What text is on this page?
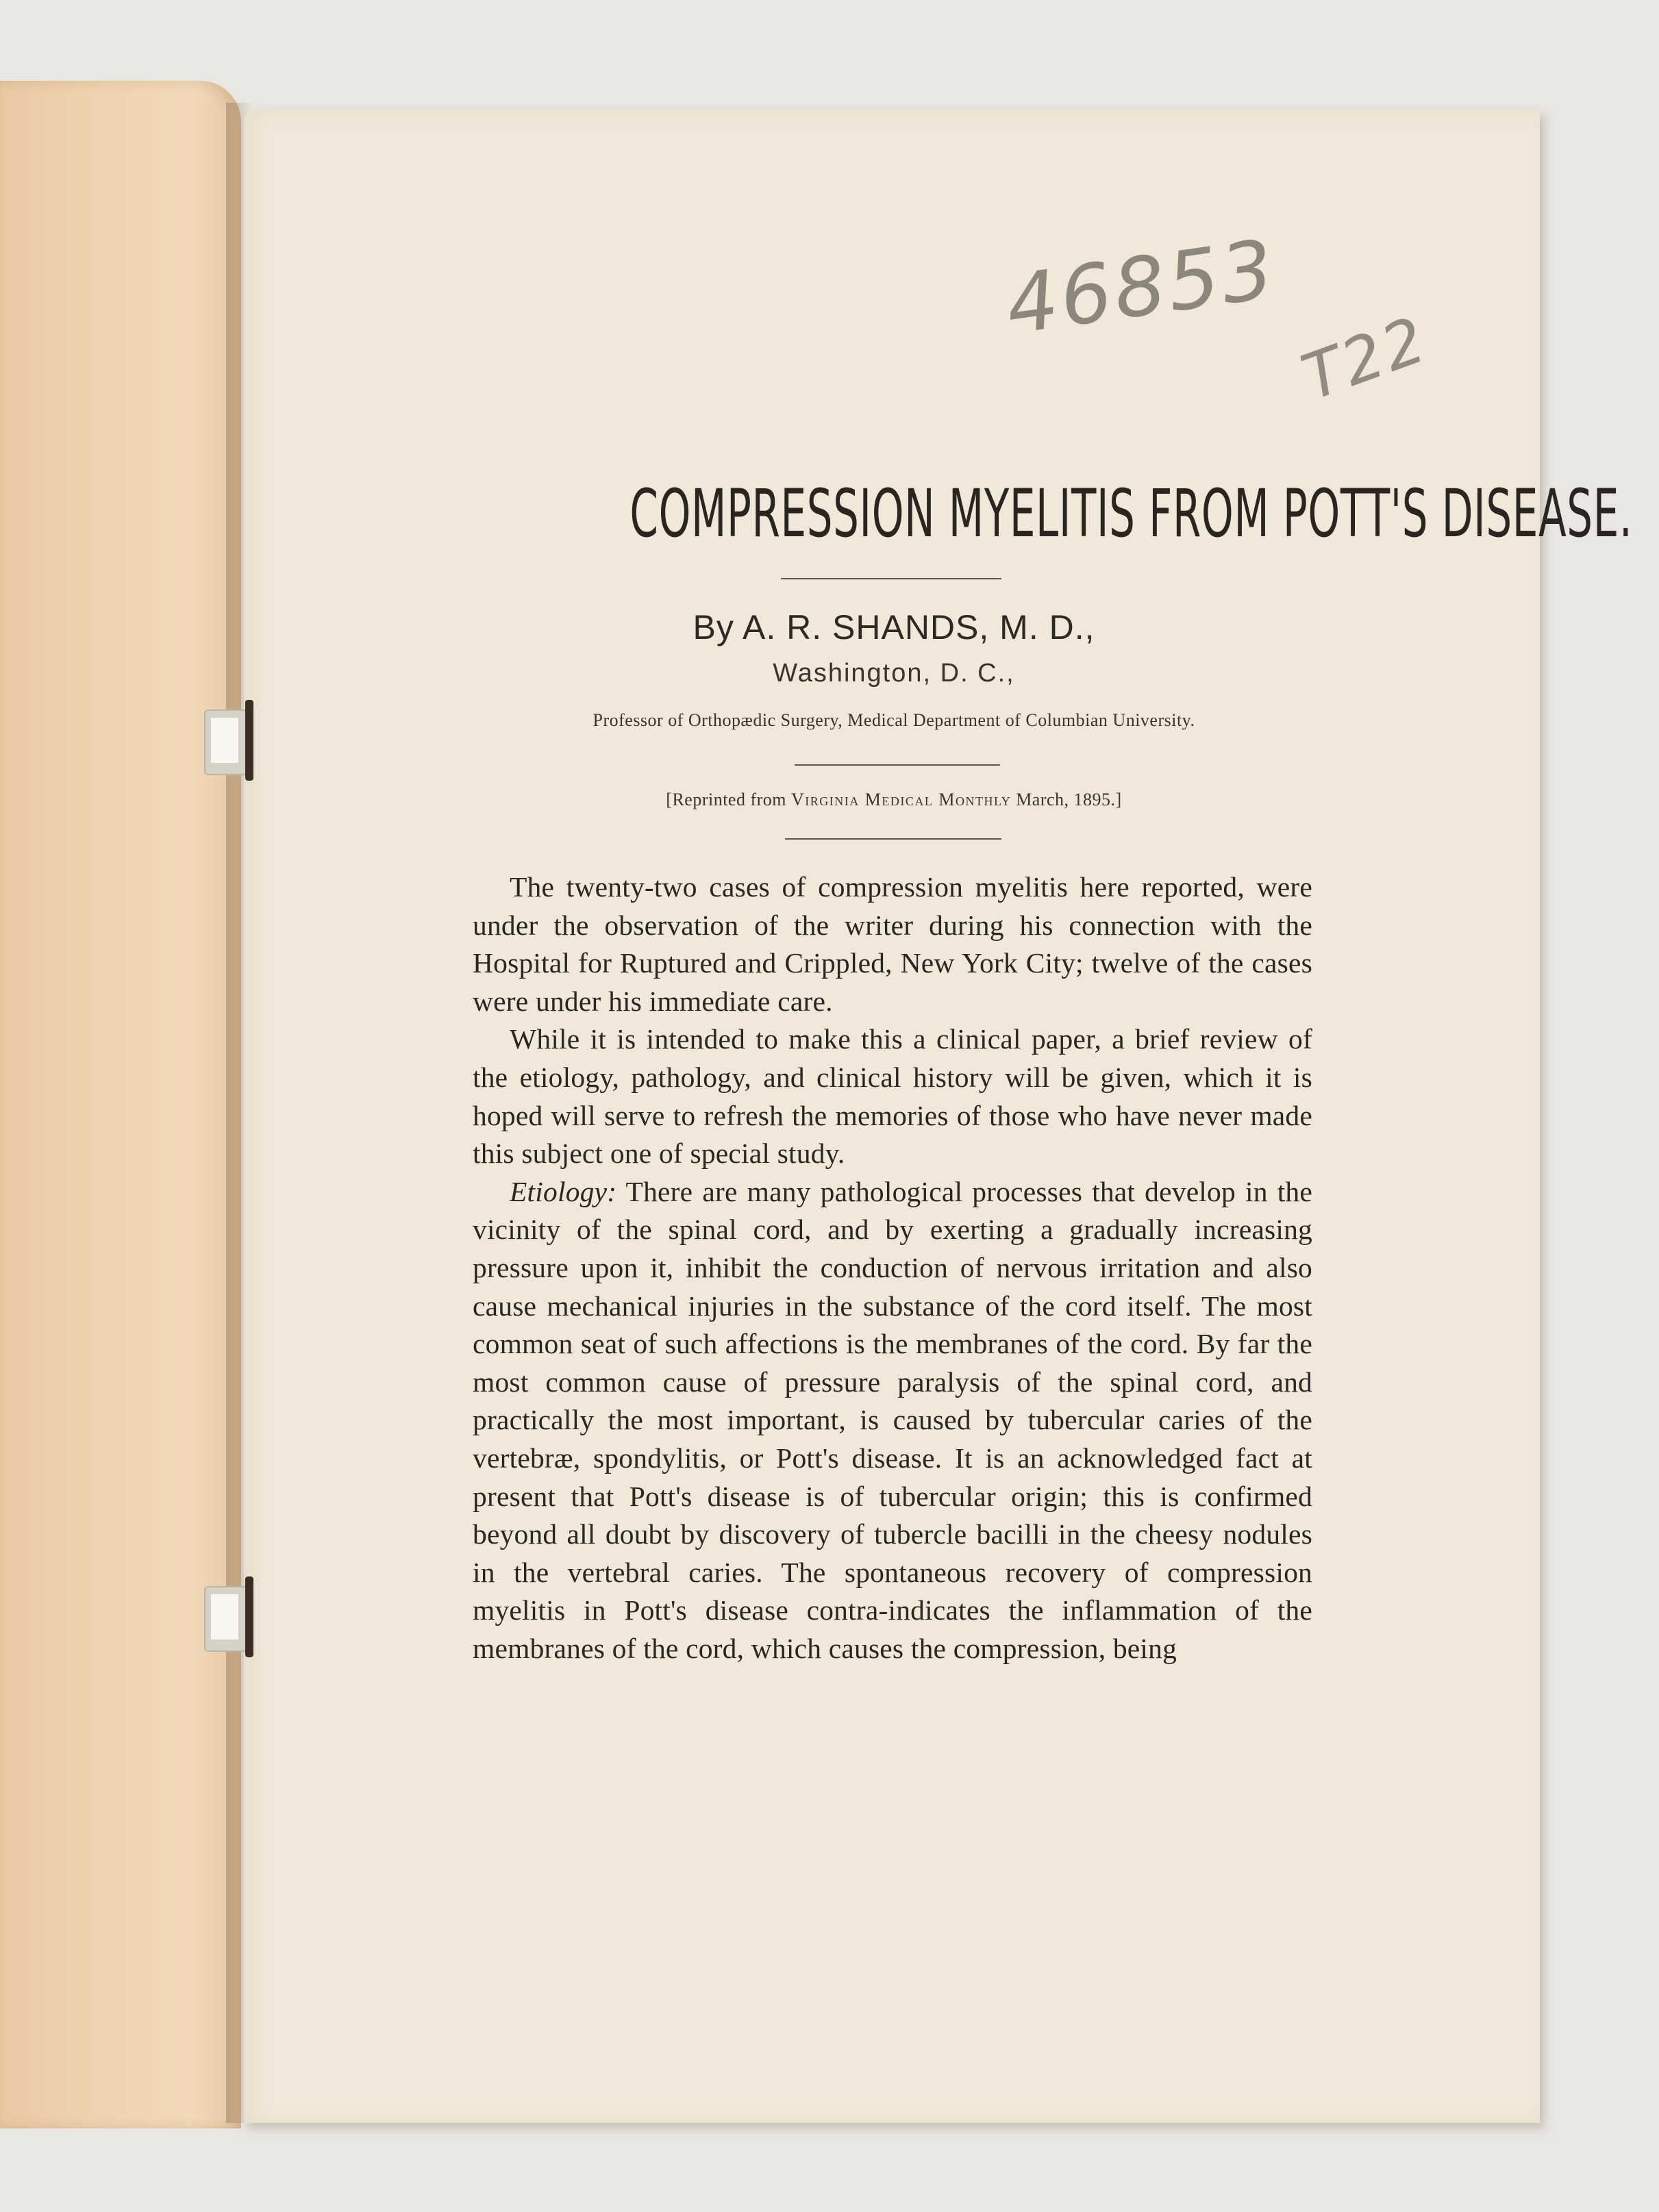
46853
T22
COMPRESSION MYELITIS FROM POTT'S DISEASE.
By A. R. SHANDS, M. D.,
Washington, D. C.,
Professor of Orthopædic Surgery, Medical Department of Columbian University.
[Reprinted from Virginia Medical Monthly March, 1895.]

The twenty-two cases of compression myelitis here reported, were under the observation of the writer during his connection with the Hospital for Ruptured and Crippled, New York City; twelve of the cases were under his immediate care.

While it is intended to make this a clinical paper, a brief review of the etiology, pathology, and clinical history will be given, which it is hoped will serve to refresh the memories of those who have never made this subject one of special study.

Etiology: There are many pathological processes that develop in the vicinity of the spinal cord, and by exerting a gradually increasing pressure upon it, inhibit the conduction of nervous irritation and also cause mechanical injuries in the substance of the cord itself. The most common seat of such affections is the membranes of the cord. By far the most common cause of pressure paralysis of the spinal cord, and practically the most important, is caused by tubercular caries of the vertebræ, spondylitis, or Pott's disease. It is an acknowledged fact at present that Pott's disease is of tubercular origin; this is confirmed beyond all doubt by discovery of tubercle bacilli in the cheesy nodules in the vertebral caries. The spontaneous recovery of compression myelitis in Pott's disease contra-indicates the inflammation of the membranes of the cord, which causes the compression, being
